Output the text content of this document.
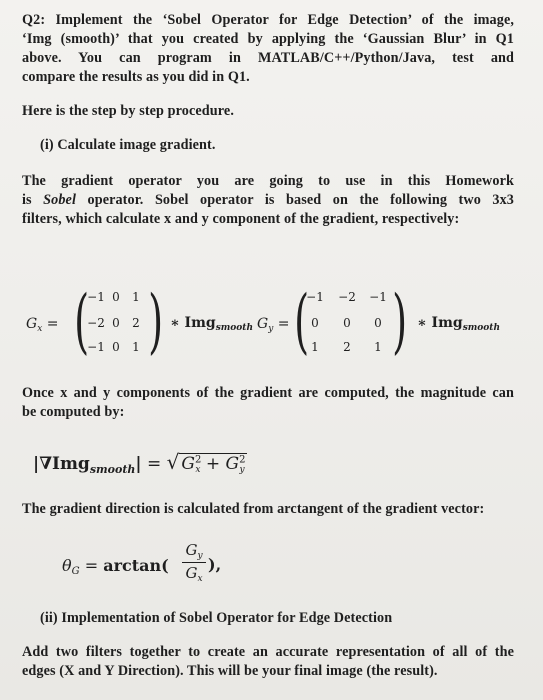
Q2: Implement the ‘Sobel Operator for Edge Detection’ of the image,
‘Img (smooth)’ that you created by applying the ‘Gaussian Blur’ in Q1
above. You can program in MATLAB/C++/Python/Java, test and
compare the results as you did in Q1.
Here is the step by step procedure.
(i) Calculate image gradient.
The gradient operator you are going to use in this Homework
is Sobel operator. Sobel operator is based on the following two 3x3
filters, which calculate x and y component of the gradient, respectively:
$G_x$ = ( )
−1 0	1
−2 0	2
−1 0	1
∗ Img$_{smooth}$ $G_y$ = ( )
−1 −2 −1
0	0	0
1	2	1
∗ Img$_{smooth}$
Once x and y components of the gradient are computed, the magnitude can
be computed by:
|∇Img$_{smooth}$| = √ $G^2x + G^2y$
The gradient direction is calculated from arctangent of the gradient vector:
θG = arctan(
$G_y$
$G_x$
),
(ii) Implementation of Sobel Operator for Edge Detection
Add two filters together to create an accurate representation of all of the
edges (X and Y Direction). This will be your final image (the result).
